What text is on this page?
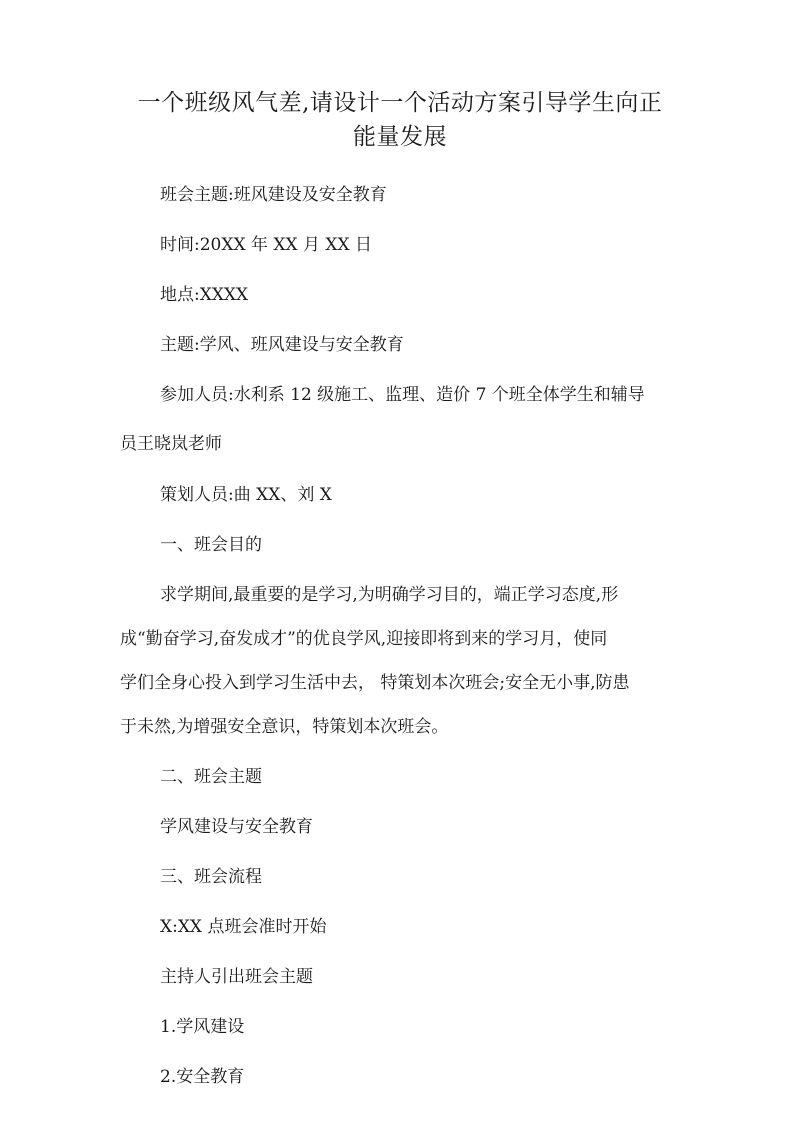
一个班级风气差,请设计一个活动方案引导学生向正
能量发展
班会主题:班风建设及安全教育
时间:20XX 年 XX 月 XX 日
地点:XXXX
主题:学风、班风建设与安全教育
参加人员:水利系 12 级施工、监理、造价 7 个班全体学生和辅导
员王晓岚老师
策划人员:曲 XX、刘 X
一、班会目的
求学期间,最重要的是学习,为明确学习目的，端正学习态度,形
成“勤奋学习,奋发成才”的优良学风,迎接即将到来的学习月，使同
学们全身心投入到学习生活中去， 特策划本次班会;安全无小事,防患
于未然,为增强安全意识，特策划本次班会。
二、班会主题
学风建设与安全教育
三、班会流程
X:XX 点班会准时开始
主持人引出班会主题
1.学风建设
2.安全教育
